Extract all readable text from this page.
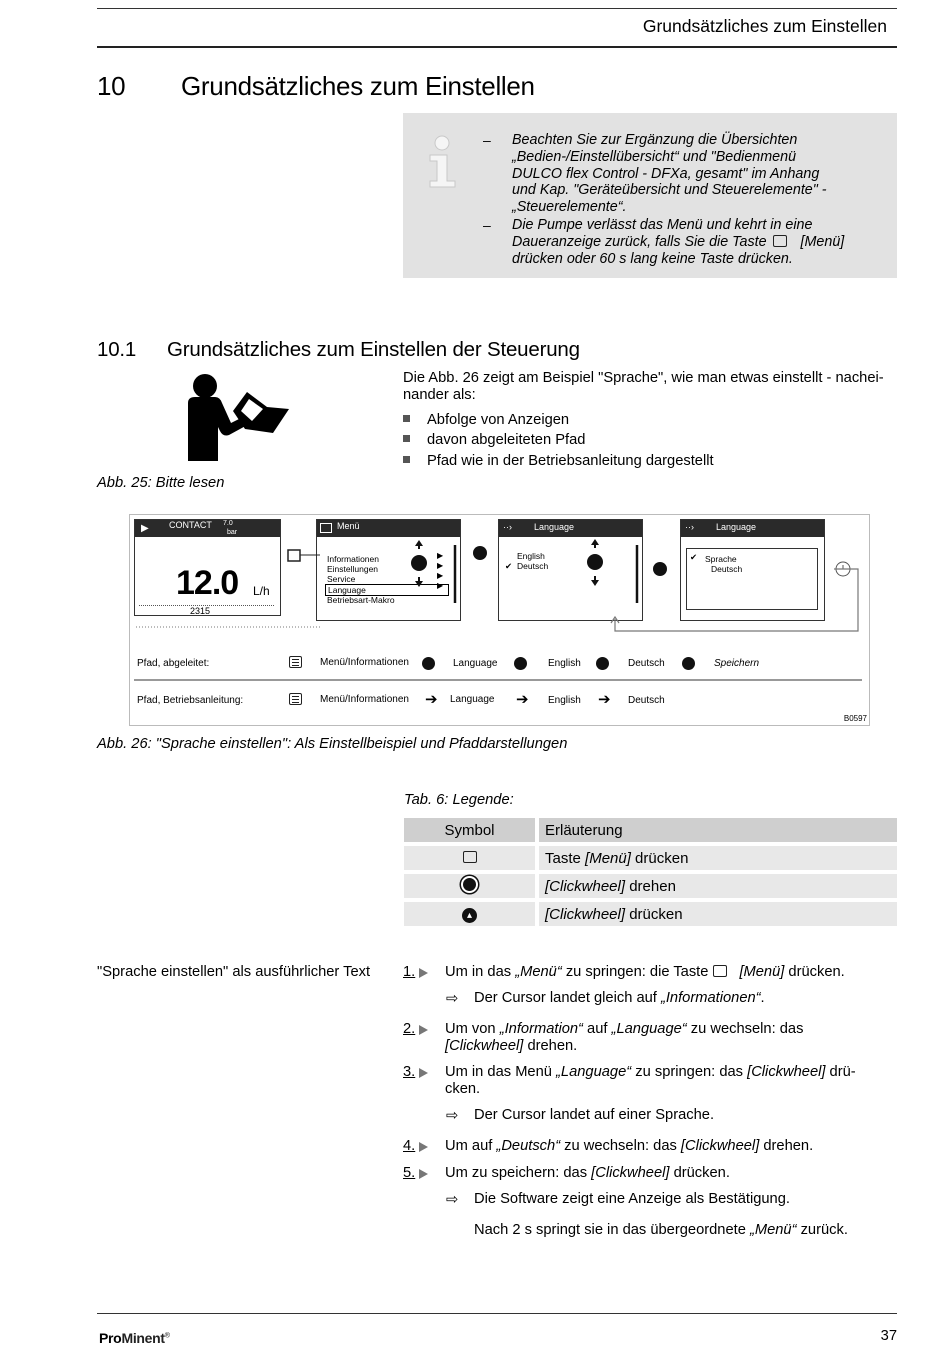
Grundsätzliches zum Einstellen
10 Grundsätzliches zum Einstellen
– Beachten Sie zur Ergänzung die Übersichten
„Bedien-/Einstellübersicht“ und "Bedienmenü
DULCO flex Control - DFXa, gesamt" im Anhang
und Kap. "Geräteübersicht und Steuerelemente" -
„Steuerelemente“.
– Die Pumpe verlässt das Menü und kehrt in eine
Daueranzeige zurück, falls Sie die Taste [Menü]
drücken oder 60 s lang keine Taste drücken.
10.1 Grundsätzliches zum Einstellen der Steuerung
Abb. 25: Bitte lesen
Die Abb. 26 zeigt am Beispiel "Sprache", wie man etwas einstellt - nachei-
nander als:
Abfolge von Anzeigen
davon abgeleiteten Pfad
Pfad wie in der Betriebsanleitung dargestellt
▶ CONTACT 7.0
bar
12.0 L/h
2315
Menü
Informationen
Einstellungen
Service
Language
Betriebsart-Makro
▶
▶
▶
▶
··› Language
English
✔ Deutsch
··› Language
✔ Sprache
Deutsch
Pfad, abgeleitet:	Menü/Informationen	Language	English	Deutsch	Speichern
Pfad, Betriebsanleitung:	Menü/Informationen ➔ Language ➔ English ➔ Deutsch
B0597
Abb. 26: "Sprache einstellen": Als Einstellbeispiel und Pfaddarstellungen
Tab. 6: Legende:
Symbol	Erläuterung
	Taste [Menü] drücken
	[Clickwheel] drehen
▴	[Clickwheel] drücken
"Sprache einstellen" als ausführlicher Text 1. Um in das „Menü“ zu springen: die Taste [Menü] drücken.
⇨ Der Cursor landet gleich auf „Informationen“.
2. Um von „Information“ auf „Language“ zu wechseln: das
[Clickwheel] drehen.
3. Um in das Menü „Language“ zu springen: das [Clickwheel] drü-
cken.
⇨ Der Cursor landet auf einer Sprache.
4. Um auf „Deutsch“ zu wechseln: das [Clickwheel] drehen.
5. Um zu speichern: das [Clickwheel] drücken.
⇨ Die Software zeigt eine Anzeige als Bestätigung.
Nach 2 s springt sie in das übergeordnete „Menü“ zurück.
ProMinent®	37
